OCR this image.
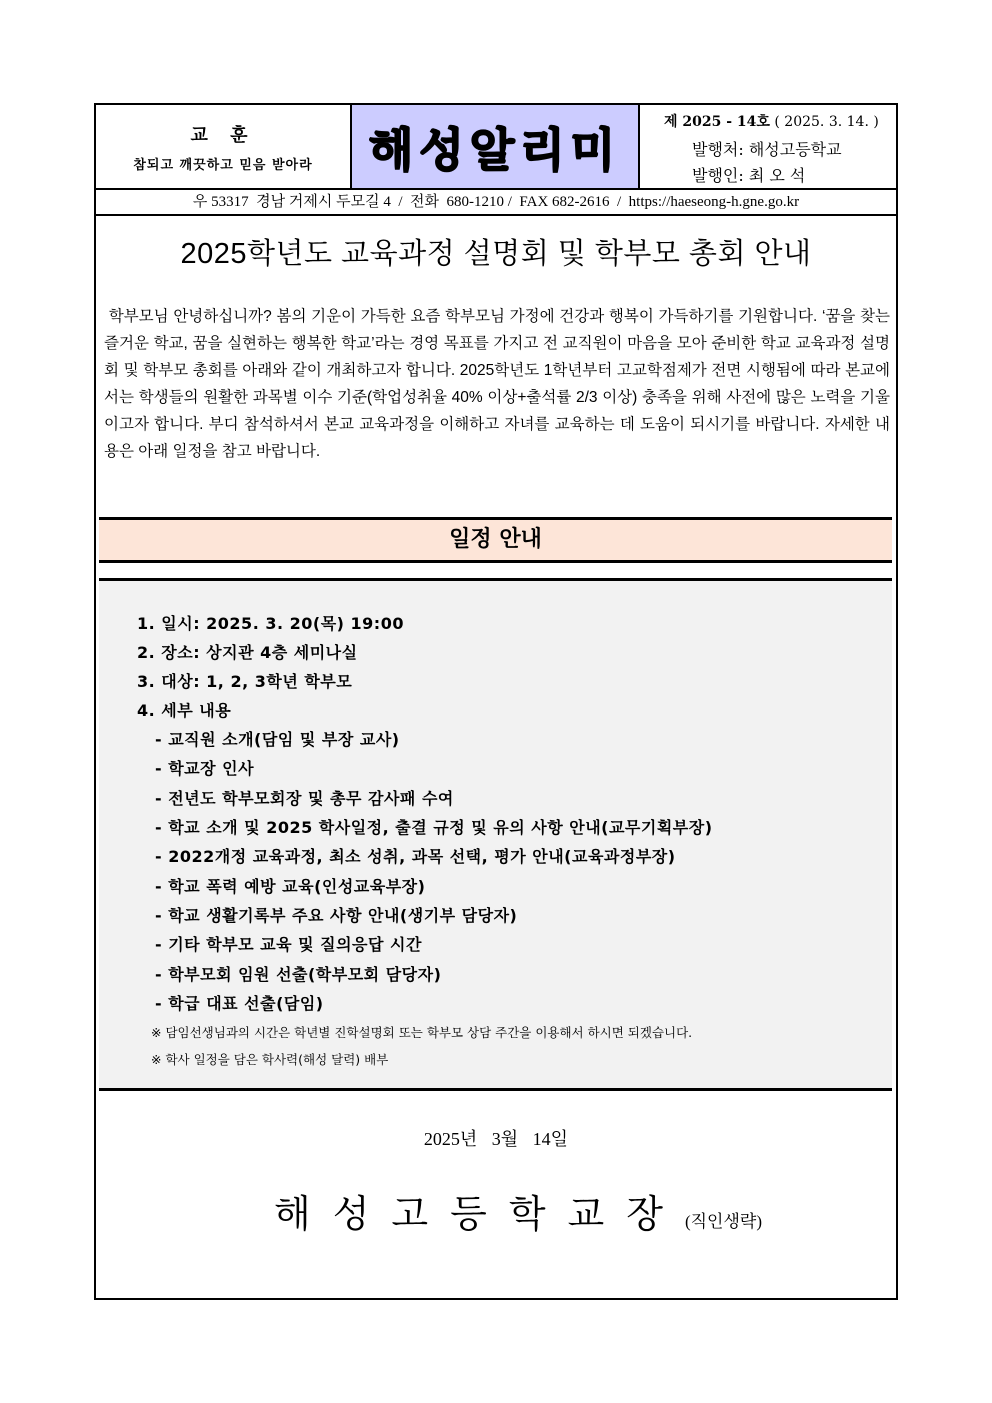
교 훈
참되고 깨끗하고 믿음 받아라	해성알리미
제 2025 - 14호 ( 2025. 3. 14. )
발행처: 해성고등학교
발행인: 최 오 석
우 53317  경남 거제시 두모길 4  /  전화  680-1210 /  FAX 682-2616  /  https://haeseong-h.gne.go.kr
2025학년도 교육과정 설명회 및 학부모 총회 안내
학부모님 안녕하십니까? 봄의 기운이 가득한 요즘 학부모님 가정에 건강과 행복이 가득하기를 기원합니다. ‘꿈을 찾는 즐거운 학교, 꿈을 실현하는 행복한 학교’라는 경영 목표를 가지고 전 교직원이 마음을 모아 준비한 학교 교육과정 설명회 및 학부모 총회를 아래와 같이 개최하고자 합니다. 2025학년도 1학년부터 고교학점제가 전면 시행됨에 따라 본교에서는 학생들의 원활한 과목별 이수 기준(학업성취율 40% 이상+출석률 2/3 이상) 충족을 위해 사전에 많은 노력을 기울이고자 합니다. 부디 참석하셔서 본교 교육과정을 이해하고 자녀를 교육하는 데 도움이 되시기를 바랍니다. 자세한 내용은 아래 일정을 참고 바랍니다.
일정 안내
1. 일시: 2025. 3. 20(목) 19:00
2. 장소: 상지관 4층 세미나실
3. 대상: 1, 2, 3학년 학부모
4. 세부 내용
- 교직원 소개(담임 및 부장 교사)
- 학교장 인사
- 전년도 학부모회장 및 총무 감사패 수여
- 학교 소개 및 2025 학사일정, 출결 규정 및 유의 사항 안내(교무기획부장)
- 2022개정 교육과정, 최소 성취, 과목 선택, 평가 안내(교육과정부장)
- 학교 폭력 예방 교육(인성교육부장)
- 학교 생활기록부 주요 사항 안내(생기부 담당자)
- 기타 학부모 교육 및 질의응답 시간
- 학부모회 임원 선출(학부모회 담당자)
- 학급 대표 선출(담임)
※ 담임선생님과의 시간은 학년별 진학설명회 또는 학부모 상담 주간을 이용해서 하시면 되겠습니다.
※ 학사 일정을 담은 학사력(해성 달력) 배부
2025년 3월 14일
해성고등학교장(직인생략)
